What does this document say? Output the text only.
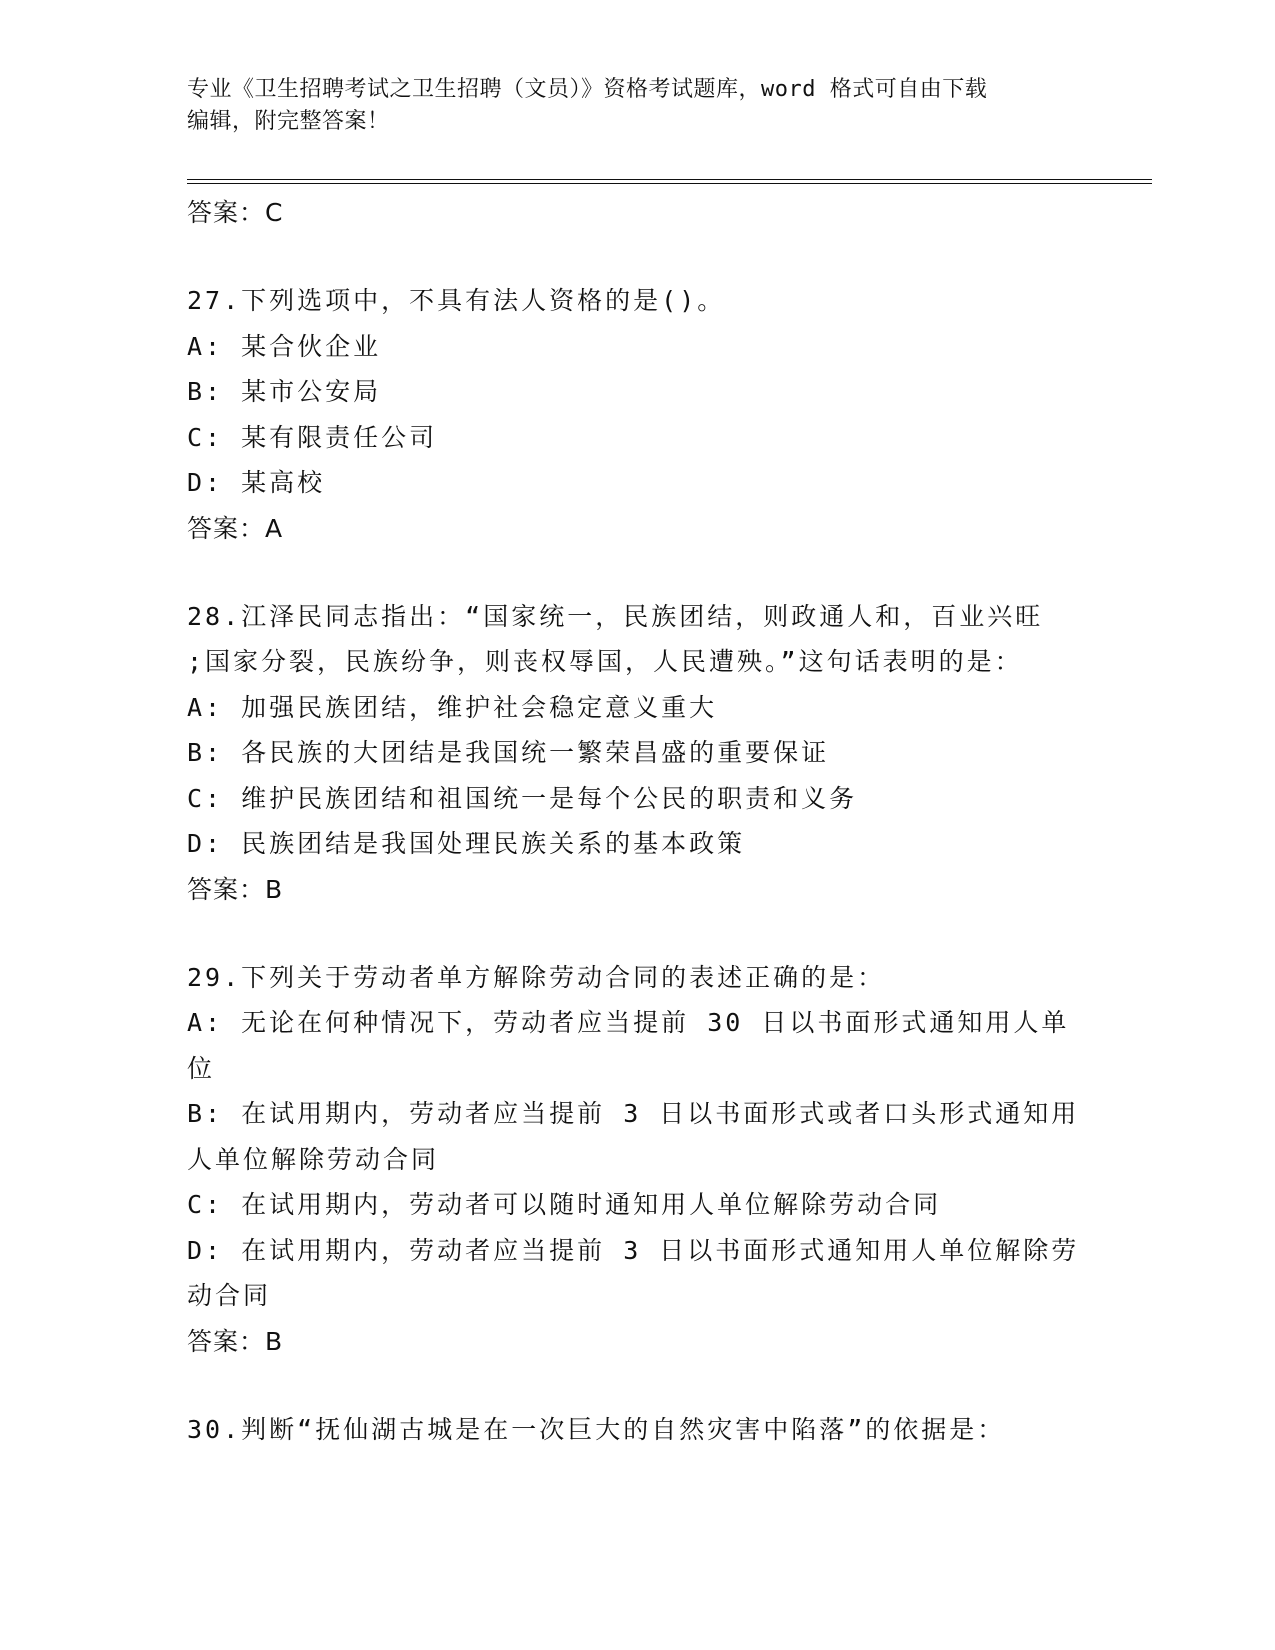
专业《卫生招聘考试之卫生招聘（文员）》资格考试题库，word 格式可自由下载
编辑，附完整答案！
答案：C
27.下列选项中，不具有法人资格的是()。
A: 某合伙企业
B: 某市公安局
C: 某有限责任公司
D: 某高校
答案：A
28.江泽民同志指出：“国家统一，民族团结，则政通人和，百业兴旺
;国家分裂，民族纷争，则丧权辱国，人民遭殃。”这句话表明的是：
A: 加强民族团结，维护社会稳定意义重大
B: 各民族的大团结是我国统一繁荣昌盛的重要保证
C: 维护民族团结和祖国统一是每个公民的职责和义务
D: 民族团结是我国处理民族关系的基本政策
答案：B
29.下列关于劳动者单方解除劳动合同的表述正确的是：
A: 无论在何种情况下，劳动者应当提前 30 日以书面形式通知用人单
位
B: 在试用期内，劳动者应当提前 3 日以书面形式或者口头形式通知用
人单位解除劳动合同
C: 在试用期内，劳动者可以随时通知用人单位解除劳动合同
D: 在试用期内，劳动者应当提前 3 日以书面形式通知用人单位解除劳
动合同
答案：B
30.判断“抚仙湖古城是在一次巨大的自然灾害中陷落”的依据是：
